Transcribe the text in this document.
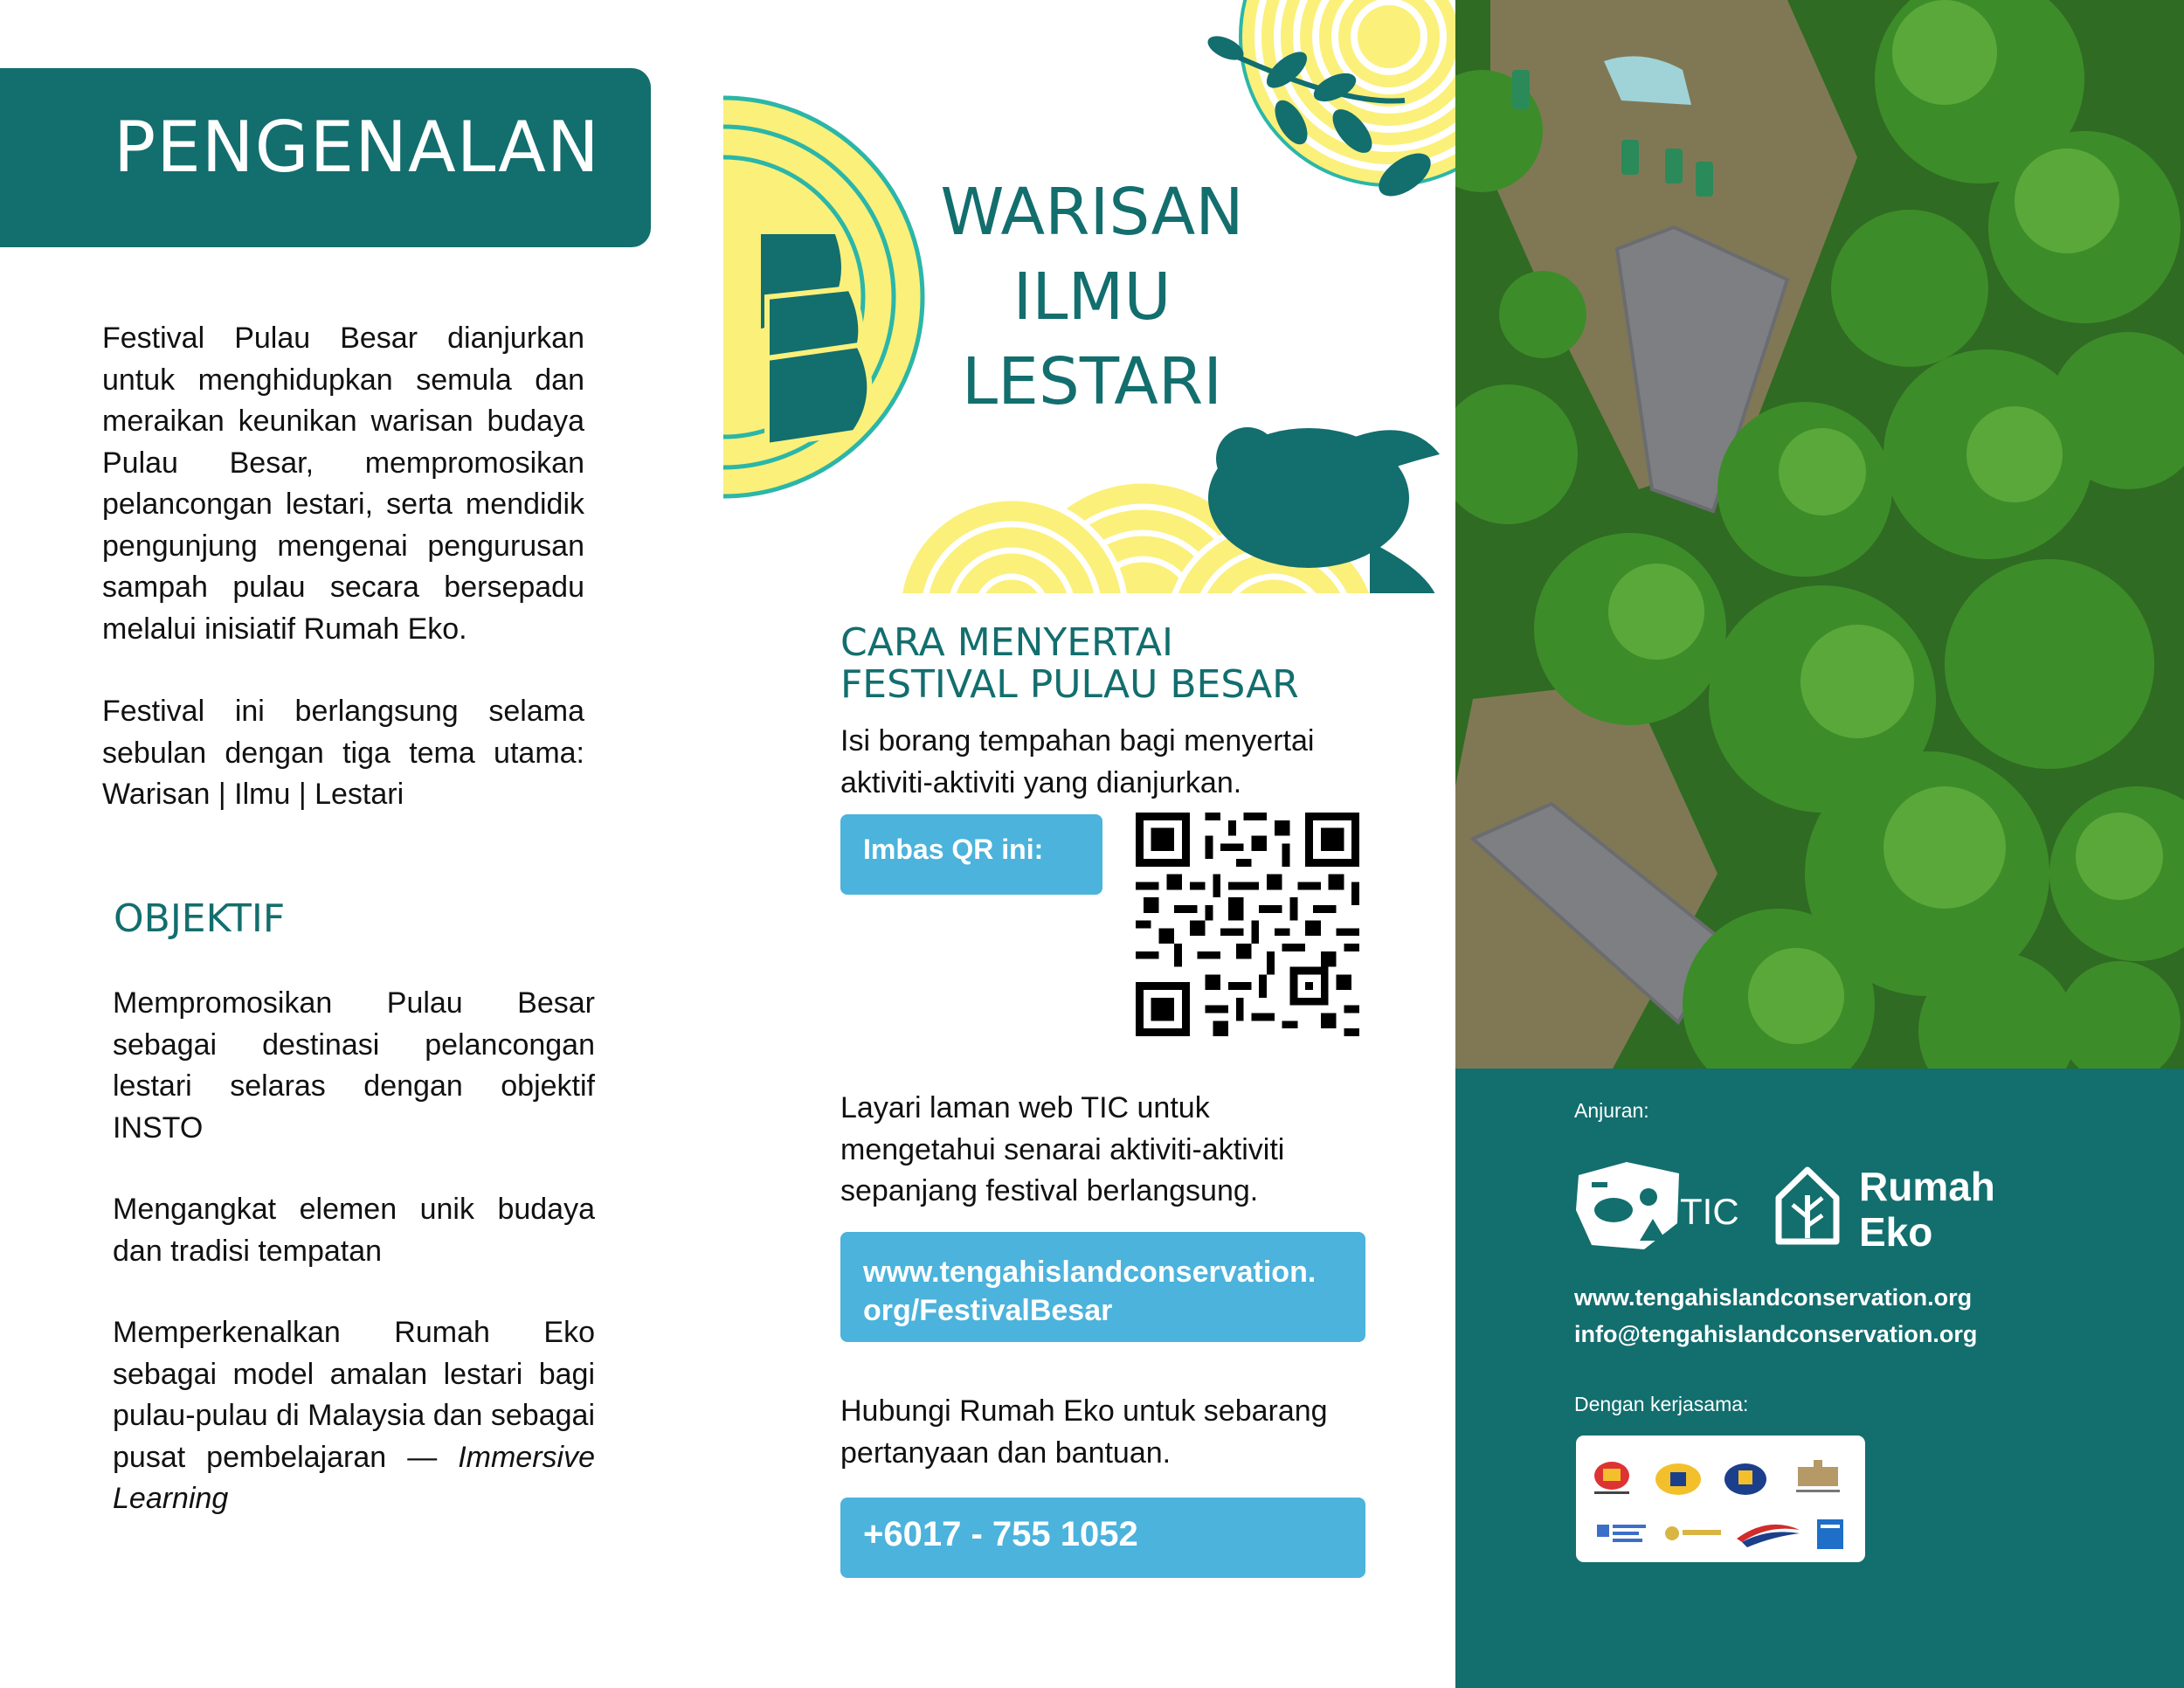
PENGENALAN
Festival Pulau Besar dianjurkan untuk menghidupkan semula dan meraikan keunikan warisan budaya Pulau Besar, mempromosikan pelancongan lestari, serta mendidik pengunjung mengenai pengurusan sampah pulau secara bersepadu melalui inisiatif Rumah Eko.
Festival ini berlangsung selama sebulan dengan tiga tema utama: Warisan | Ilmu | Lestari
OBJEKTIF
Mempromosikan Pulau Besar sebagai destinasi pelancongan lestari selaras dengan objektif INSTO
Mengangkat elemen unik budaya dan tradisi tempatan
Memperkenalkan Rumah Eko sebagai model amalan lestari bagi pulau-pulau di Malaysia dan sebagai pusat pembelajaran — Immersive Learning
WARISAN
ILMU
LESTARI
CARA MENYERTAI
FESTIVAL PULAU BESAR
Isi borang tempahan bagi menyertai aktiviti-aktiviti yang dianjurkan.
Imbas QR ini:
Layari laman web TIC untuk mengetahui senarai aktiviti-aktiviti sepanjang festival berlangsung.
www.tengahislandconservation.
org/FestivalBesar
Hubungi Rumah Eko untuk sebarang pertanyaan dan bantuan.
+6017 - 755 1052
Anjuran:
TIC
Rumah
Eko
www.tengahislandconservation.org
info@tengahislandconservation.org
Dengan kerjasama:
